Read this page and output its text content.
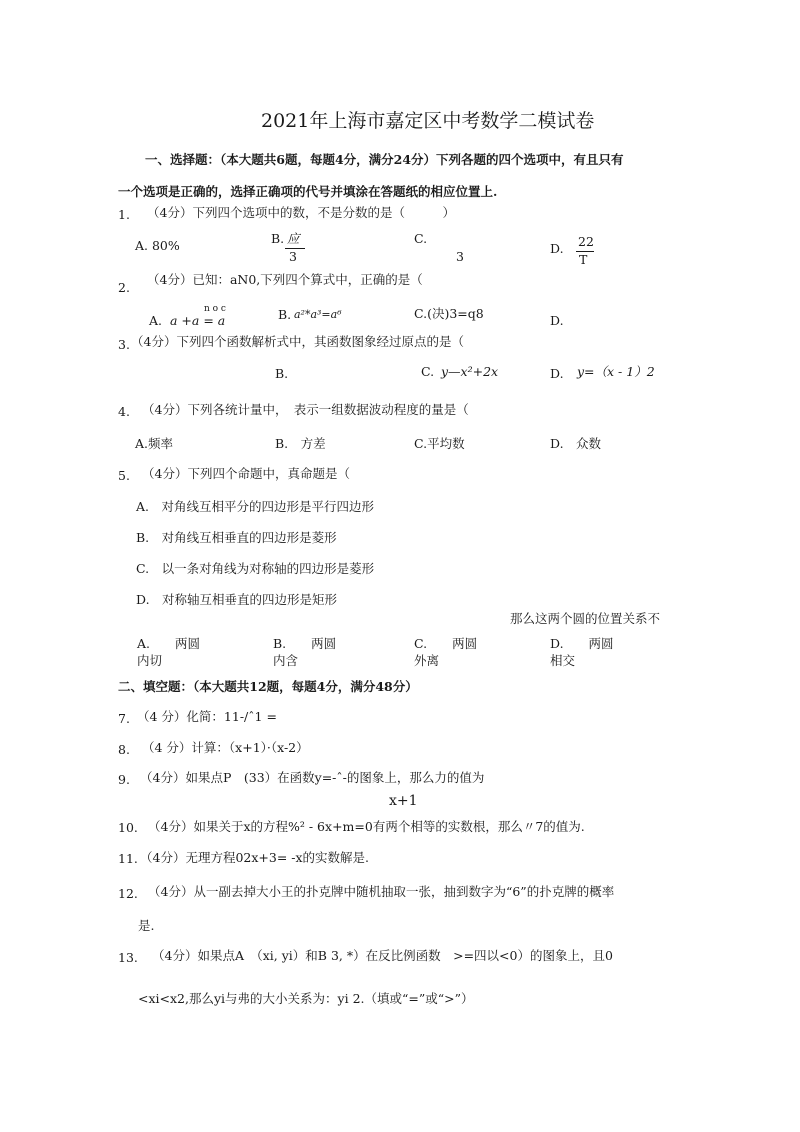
2021年上海市嘉定区中考数学二模试卷
一、选择题：（本大题共6题，每题4分，满分24分）下列各题的四个选项中，有且只有
一个选项是正确的，选择正确项的代号并填涂在答题纸的相应位置上.
1. （4分）下列四个选项中的数，不是分数的是（　　　）
A. 80%	B. 应
3
C.
3
D. 22
T
2.
（4分）已知：aN0,下列四个算式中，正确的是（
A.
n o c
a +a = a	B. a²*a³=a⁶	C.(决)3=q8	D.
3. （4分）下列四个函数解析式中，其函数图象经过原点的是（
B.	C. y—x²+2x	D. y=（x - 1）2
4. （4分）下列各统计量中，　表示一组数据波动程度的量是（
A.频率	B.　方差	C.平均数	D.　众数
5. （4分）下列四个命题中，真命题是（
A.　对角线互相平分的四边形是平行四边形
B.　对角线互相垂直的四边形是菱形
C.　以一条对角线为对称轴的四边形是菱形
D.　对称轴互相垂直的四边形是矩形
那么这两个圆的位置关系不
A.　　两圆
内切
B.　　两圆
内含
C.　　两圆
外离
D.　　两圆
相交
二、填空题：（本大题共12题，每题4分，满分48分）
7. （4 分）化简：11-/ˆ1 =
8. （4 分）计算：（x+1）·（x-2）
9. （4分）如果点P　(33）在函数y=-ˆ-的图象上，那么力的值为
x+1
10. （4分）如果关于x的方程%² - 6x+m=0有两个相等的实数根，那么〃7的值为.
11. （4分）无理方程02x+3= -x的实数解是.
12. （4分）从一副去掉大小王的扑克牌中随机抽取一张，抽到数字为“6”的扑克牌的概率
是.
13. （4分）如果点A　（xi, yi）和B 3, *）在反比例函数　>=四以<0）的图象上，且0
<xi<x2,那么yi与弗的大小关系为：yi 2.（填或“=”或“>”）
